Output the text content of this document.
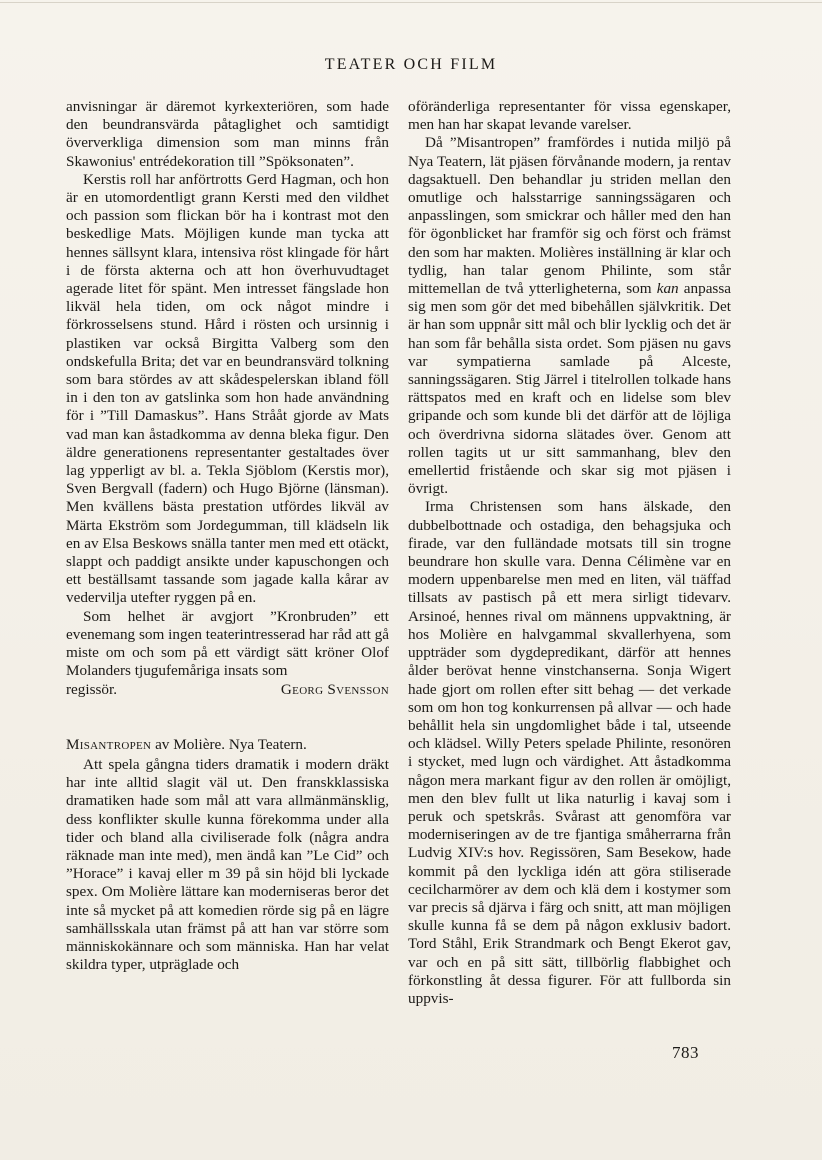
TEATER OCH FILM

anvisningar är däremot kyrkexteriören, som hade den beundransvärda påtaglighet och samtidigt öververkliga dimension som man minns från Skawonius' entrédekoration till ”Spöksonaten”.

Kerstis roll har anförtrotts Gerd Hagman, och hon är en utomordentligt grann Kersti med den vildhet och passion som flickan bör ha i kontrast mot den beskedlige Mats. Möjligen kunde man tycka att hennes sällsynt klara, intensiva röst klingade för hårt i de första akterna och att hon överhuvudtaget agerade litet för spänt. Men intresset fängslade hon likväl hela tiden, om ock något mindre i förkrosselsens stund. Hård i rösten och ursinnig i plastiken var också Birgitta Valberg som den ondskefulla Brita; det var en beundransvärd tolkning som bara stördes av att skådespelerskan ibland föll in i den ton av gatslinka som hon hade användning för i ”Till Damaskus”. Hans Strååt gjorde av Mats vad man kan åstadkomma av denna bleka figur. Den äldre generationens representanter gestaltades över lag ypperligt av bl. a. Tekla Sjöblom (Kerstis mor), Sven Bergvall (fadern) och Hugo Björne (länsman). Men kvällens bästa prestation utfördes likväl av Märta Ekström som Jordegumman, till klädseln lik en av Elsa Beskows snälla tanter men med ett otäckt, slappt och paddigt ansikte under kapuschongen och ett beställsamt tassande som jagade kalla kårar av vedervilja utefter ryggen på en.

Som helhet är avgjort ”Kronbruden” ett evenemang som ingen teaterintresserad har råd att gå miste om och som på ett värdigt sätt kröner Olof Molanders tjugufemåriga insats som
regissör.	Georg Svensson

Misantropen av Molière. Nya Teatern.

Att spela gångna tiders dramatik i modern dräkt har inte alltid slagit väl ut. Den franskklassiska dramatiken hade som mål att vara allmänmänsklig, dess konflikter skulle kunna förekomma under alla tider och bland alla civiliserade folk (några andra räknade man inte med), men ändå kan ”Le Cid” och ”Horace” i kavaj eller m 39 på sin höjd bli lyckade spex. Om Molière lättare kan moderniseras beror det inte så mycket på att komedien rörde sig på en lägre samhällsskala utan främst på att han var större som människokännare och som människa. Han har velat skildra typer, utpräglade och

oföränderliga representanter för vissa egenskaper, men han har skapat levande varelser.

Då ”Misantropen” framfördes i nutida miljö på Nya Teatern, lät pjäsen förvånande modern, ja rentav dagsaktuell. Den behandlar ju striden mellan den omutlige och halsstarrige sanningssägaren och anpasslingen, som smickrar och håller med den han för ögonblicket har framför sig och först och främst den som har makten. Molières inställning är klar och tydlig, han talar genom Philinte, som står mittemellan de två ytterligheterna, som kan anpassa sig men som gör det med bibehållen självkritik. Det är han som uppnår sitt mål och blir lycklig och det är han som får behålla sista ordet. Som pjäsen nu gavs var sympatierna samlade på Alceste, sanningssägaren. Stig Järrel i titelrollen tolkade hans rättspatos med en kraft och en lidelse som blev gripande och som kunde bli det därför att de löjliga och överdrivna sidorna slätades över. Genom att rollen tagits ut ur sitt sammanhang, blev den emellertid fristående och skar sig mot pjäsen i övrigt.

Irma Christensen som hans älskade, den dubbelbottnade och ostadiga, den behagsjuka och firade, var den fulländade motsats till sin trogne beundrare hon skulle vara. Denna Célimène var en modern uppenbarelse men med en liten, väl tıäffad tillsats av pastisch på ett mera sirligt tidevarv. Arsinoé, hennes rival om männens uppvaktning, är hos Molière en halvgammal skvallerhyena, som uppträder som dygdepredikant, därför att hennes ålder berövat henne vinstchanserna. Sonja Wigert hade gjort om rollen efter sitt behag — det verkade som om hon tog konkurrensen på allvar — och hade behållit hela sin ungdomlighet både i tal, utseende och klädsel. Willy Peters spelade Philinte, resonören i stycket, med lugn och värdighet. Att åstadkomma någon mera markant figur av den rollen är omöjligt, men den blev fullt ut lika naturlig i kavaj som i peruk och spetskrås. Svårast att genomföra var moderniseringen av de tre fjantiga småherrarna från Ludvig XIV:s hov. Regissören, Sam Besekow, hade kommit på den lyckliga idén att göra stiliserade cecilcharmörer av dem och klä dem i kostymer som var precis så djärva i färg och snitt, att man möjligen skulle kunna få se dem på någon exklusiv badort. Tord Ståhl, Erik Strandmark och Bengt Ekerot gav, var och en på sitt sätt, tillbörlig flabbighet och förkonstling åt dessa figurer. För att fullborda sin uppvis-

783
